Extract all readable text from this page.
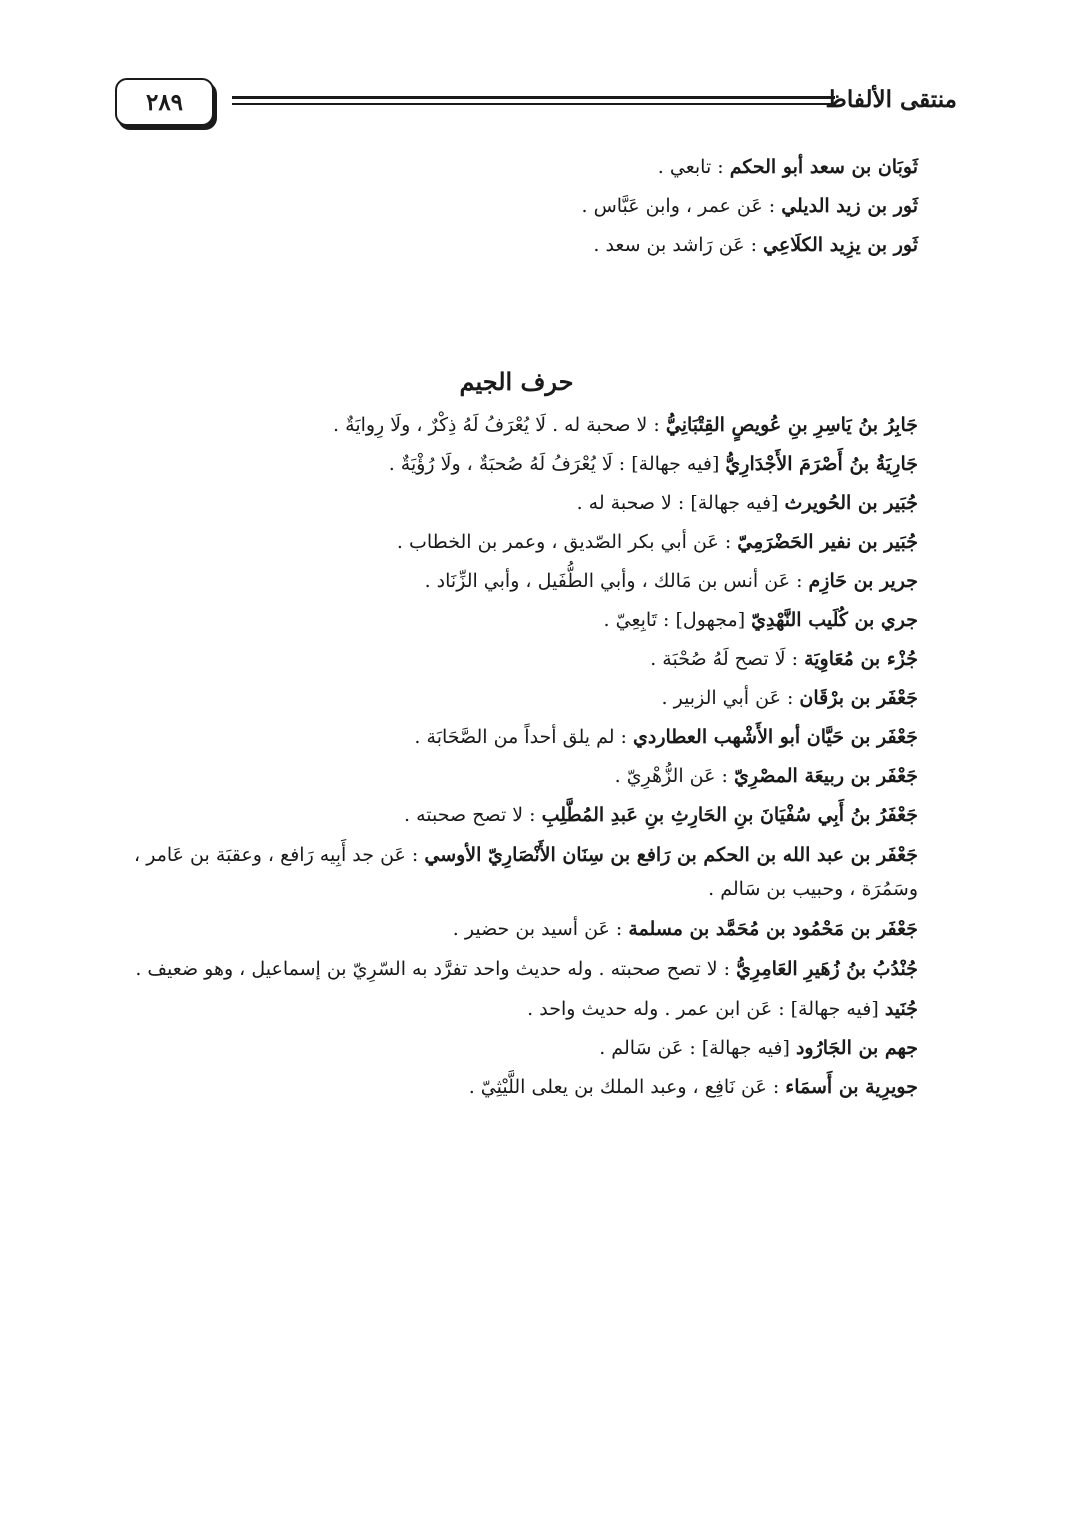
منتقى الألفاظ
٢٨٩

ثَوبَان بن سعد أبو الحكم : تابعي .

ثَور بن زيد الديلي : عَن عمر ، وابن عَبَّاس .

ثَور بن يزِيد الكلَاعِي : عَن رَاشد بن سعد .

حرف الجيم

جَابِرُ بنُ يَاسِرِ بنِ عُويصٍ القِتْبَانِيُّ : لا صحبة له . لَا يُعْرَفُ لَهُ ذِكْرٌ ، ولَا رِوايَةٌ .

جَارِيَةُ بنُ أَصْرَمَ الأَجْدَارِيُّ [فيه جهالة] : لَا يُعْرَفُ لَهُ صُحبَةٌ ، ولَا رُؤْيَةٌ .

جُبَير بن الحُويرث [فيه جهالة] : لا صحبة له .

جُبَير بن نفير الحَضْرَمِيّ : عَن أبي بكر الصّديق ، وعمر بن الخطاب .

جرير بن حَازِم : عَن أنس بن مَالك ، وأبي الطُّفَيل ، وأبي الزِّنَاد .

جري بن كُلَيب النَّهْدِيّ [مجهول] : تَابِعِيّ .

جُزْء بن مُعَاوِيَة : لَا تصح لَهُ صُحْبَة .

جَعْفَر بن برْقَان : عَن أبي الزبير .

جَعْفَر بن حَيَّان أبو الأَشْهب العطاردي : لم يلق أحداً من الصَّحَابَة .

جَعْفَر بن ربيعَة المصْرِيّ : عَن الزُّهْرِيّ .

جَعْفَرُ بنُ أَبِي سُفْيَانَ بنِ الحَارِثِ بنِ عَبدِ المُطَّلِبِ : لا تصح صحبته .

جَعْفَر بن عبد الله بن الحكم بن رَافع بن سِنَان الأَنْصَارِيّ الأوسي : عَن جد أَبِيه رَافع ، وعقبَة بن عَامر ، وسَمُرَة ، وحبيب بن سَالم .

جَعْفَر بن مَحْمُود بن مُحَمَّد بن مسلمة : عَن أسيد بن حضير .

جُنْدُبُ بنُ زُهَيرِ العَامِرِيُّ : لا تصح صحبته . وله حديث واحد تفرَّد به السّرِيّ بن إسماعيل ، وهو ضعيف .

جُنَيد [فيه جهالة] : عَن ابن عمر . وله حديث واحد .

جهم بن الجَارُود [فيه جهالة] : عَن سَالم .

جويرِية بن أَسمَاء : عَن نَافِع ، وعبد الملك بن يعلى اللَّيْثِيّ .
